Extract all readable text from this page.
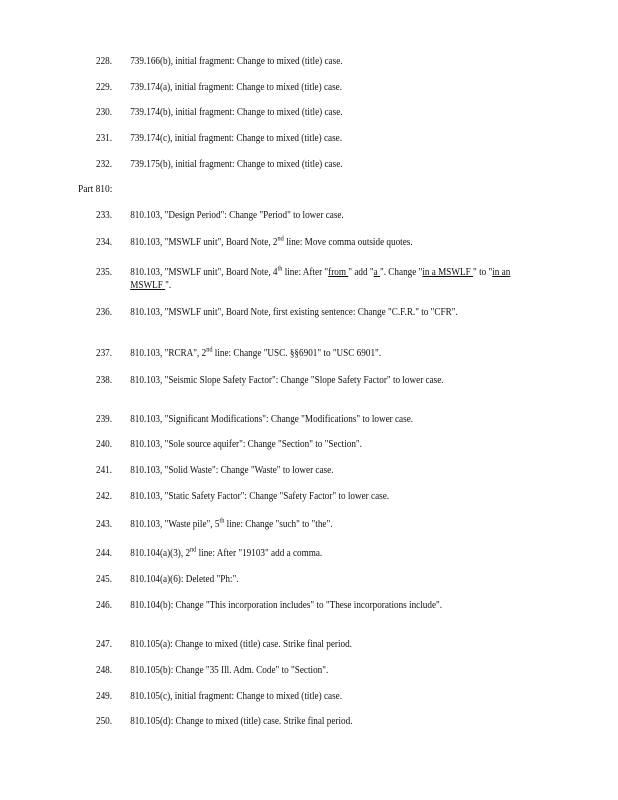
228.	739.166(b), initial fragment: Change to mixed (title) case.
229.	739.174(a), initial fragment: Change to mixed (title) case.
230.	739.174(b), initial fragment: Change to mixed (title) case.
231.	739.174(c), initial fragment: Change to mixed (title) case.
232.	739.175(b), initial fragment: Change to mixed (title) case.
Part 810:
233.	810.103, "Design Period": Change "Period" to lower case.
234.	810.103, "MSWLF unit", Board Note, 2nd line: Move comma outside quotes.
235.	810.103, "MSWLF unit", Board Note, 4th line: After "from " add "a ". Change "in a MSWLF " to "in an MSWLF ".
236.	810.103, "MSWLF unit", Board Note, first existing sentence: Change "C.F.R." to "CFR".
237.	810.103, "RCRA", 2nd line: Change "USC. §§6901" to "USC 6901".
238.	810.103, "Seismic Slope Safety Factor": Change "Slope Safety Factor" to lower case.
239.	810.103, "Significant Modifications": Change "Modifications" to lower case.
240.	810.103, "Sole source aquifer": Change "Section" to "Section".
241.	810.103, "Solid Waste": Change "Waste" to lower case.
242.	810.103, "Static Safety Factor": Change "Safety Factor" to lower case.
243.	810.103, "Waste pile", 5th line: Change "such" to "the".
244.	810.104(a)(3), 2nd line: After "19103" add a comma.
245.	810.104(a)(6): Deleted "Ph:".
246.	810.104(b): Change "This incorporation includes" to "These incorporations include".
247.	810.105(a): Change to mixed (title) case. Strike final period.
248.	810.105(b): Change "35 Ill. Adm. Code" to "Section".
249.	810.105(c), initial fragment: Change to mixed (title) case.
250.	810.105(d): Change to mixed (title) case. Strike final period.
